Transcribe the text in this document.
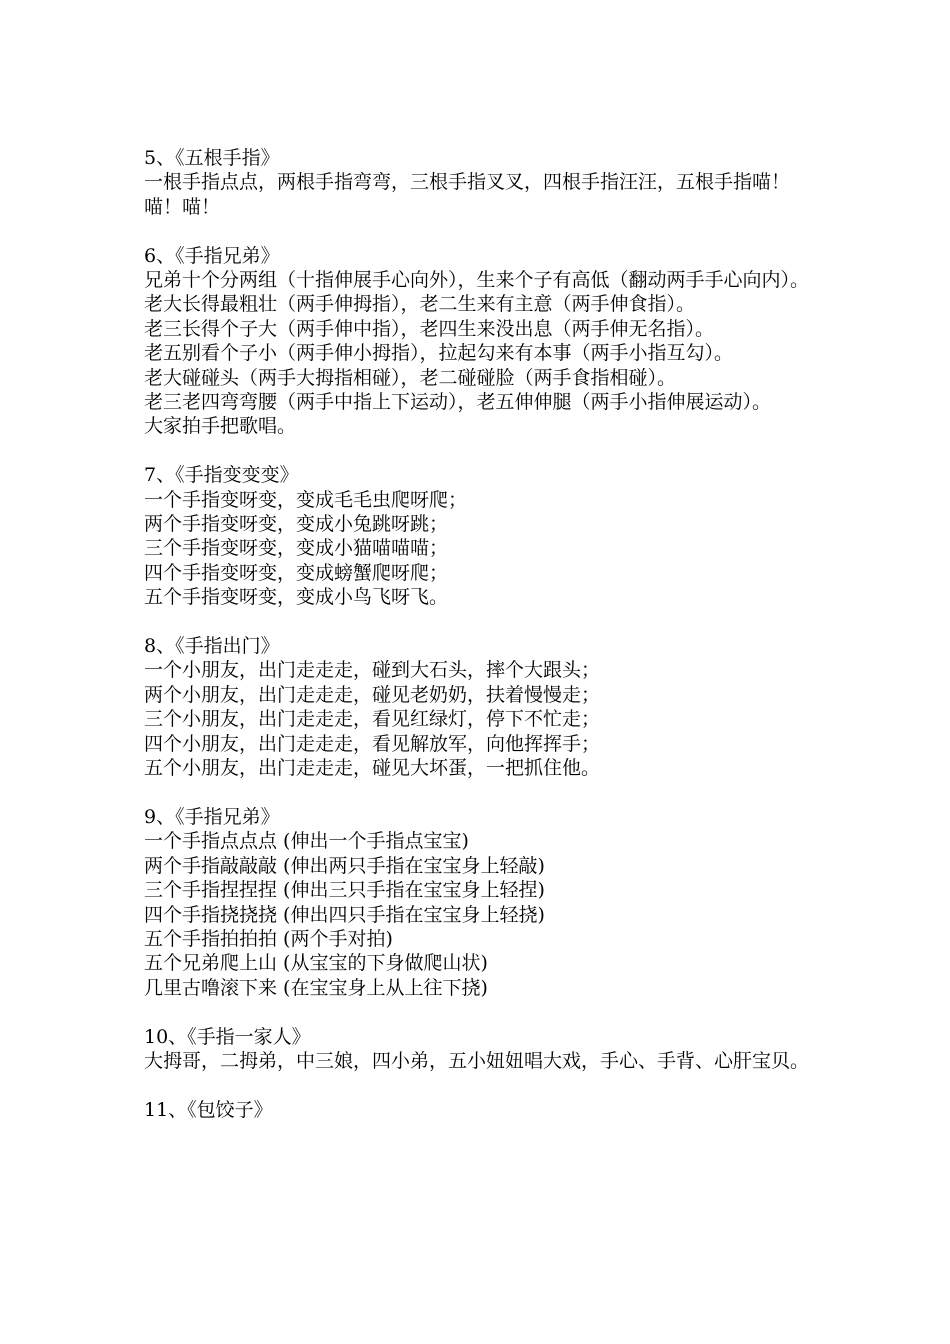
5、《五根手指》
一根手指点点，两根手指弯弯，三根手指叉叉，四根手指汪汪，五根手指喵！喵！喵！
6、《手指兄弟》
兄弟十个分两组（十指伸展手心向外），生来个子有高低（翻动两手手心向内）。
老大长得最粗壮（两手伸拇指），老二生来有主意（两手伸食指）。
老三长得个子大（两手伸中指），老四生来没出息（两手伸无名指）。
老五别看个子小（两手伸小拇指），拉起勾来有本事（两手小指互勾）。
老大碰碰头（两手大拇指相碰），老二碰碰脸（两手食指相碰）。
老三老四弯弯腰（两手中指上下运动），老五伸伸腿（两手小指伸展运动）。
大家拍手把歌唱。
7、《手指变变变》
一个手指变呀变，变成毛毛虫爬呀爬；
两个手指变呀变，变成小兔跳呀跳；
三个手指变呀变，变成小猫喵喵喵；
四个手指变呀变，变成螃蟹爬呀爬；
五个手指变呀变，变成小鸟飞呀飞。
8、《手指出门》
一个小朋友，出门走走走，碰到大石头，摔个大跟头；
两个小朋友，出门走走走，碰见老奶奶，扶着慢慢走；
三个小朋友，出门走走走，看见红绿灯，停下不忙走；
四个小朋友，出门走走走，看见解放军，向他挥挥手；
五个小朋友，出门走走走，碰见大坏蛋，一把抓住他。
9、《手指兄弟》
一个手指点点点 (伸出一个手指点宝宝)
两个手指敲敲敲 (伸出两只手指在宝宝身上轻敲)
三个手指捏捏捏 (伸出三只手指在宝宝身上轻捏)
四个手指挠挠挠 (伸出四只手指在宝宝身上轻挠)
五个手指拍拍拍 (两个手对拍)
五个兄弟爬上山 (从宝宝的下身做爬山状)
几里古噜滚下来 (在宝宝身上从上往下挠)
10、《手指一家人》
大拇哥，二拇弟，中三娘，四小弟，五小妞妞唱大戏，手心、手背、心肝宝贝。
11、《包饺子》
